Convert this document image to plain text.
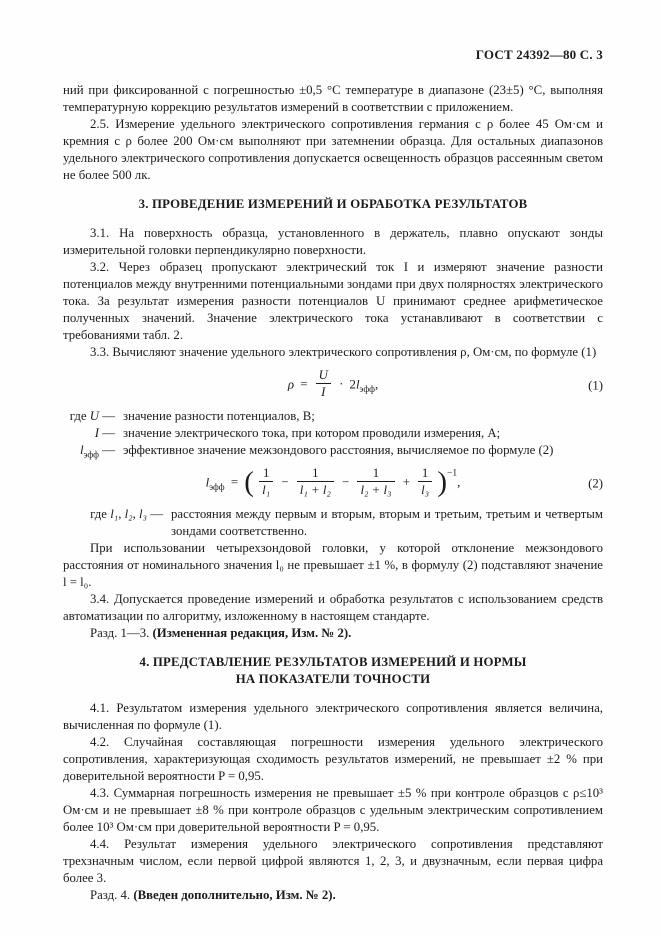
ГОСТ 24392—80 С. 3

ний при фиксированной с погрешностью ±0,5 °С температуре в диапазоне (23±5) °С, выполняя температурную коррекцию результатов измерений в соответствии с приложением.

2.5. Измерение удельного электрического сопротивления германия с ρ более 45 Ом·см и кремния с ρ более 200 Ом·см выполняют при затемнении образца. Для остальных диапазонов удельного электрического сопротивления допускается освещенность образцов рассеянным светом не более 500 лк.

3. ПРОВЕДЕНИЕ ИЗМЕРЕНИЙ И ОБРАБОТКА РЕЗУЛЬТАТОВ

3.1. На поверхность образца, установленного в держатель, плавно опускают зонды измерительной головки перпендикулярно поверхности.

3.2. Через образец пропускают электрический ток I и измеряют значение разности потенциалов между внутренними потенциальными зондами при двух полярностях электрического тока. За результат измерения разности потенциалов U принимают среднее арифметическое полученных значений. Значение электрического тока устанавливают в соответствии с требованиями табл. 2.

3.3. Вычисляют значение удельного электрического сопротивления ρ, Ом·см, по формуле (1)

$\rho = \frac{U}{I} \cdot 2l_{эфф}$,	(1)
где U — значение разности потенциалов, В;
I — значение электрического тока, при котором проводили измерения, А;
$l_{эфф}$ — эффективное значение межзондового расстояния, вычисляемое по формуле (2)
$l_{эфф}$ = ( $\frac{1}{\text{l₁}} - \frac{1}{\text{l₁ + l₂}} - \frac{1}{\text{l₂ + l₃}} + \frac{1}{\text{l₃}} )^{-1}$,	(2)
где l₁, l₂, l₃ — расстояния между первым и вторым, вторым и третьим, третьим и четвертым зондами соответственно.

При использовании четырехзондовой головки, у которой отклонение межзондового расстояния от номинального значения l₀ не превышает ±1 %, в формулу (2) подставляют значение l = l₀.

3.4. Допускается проведение измерений и обработка результатов с использованием средств автоматизации по алгоритму, изложенному в настоящем стандарте.

Разд. 1—3. (Измененная редакция, Изм. № 2).

4. ПРЕДСТАВЛЕНИЕ РЕЗУЛЬТАТОВ ИЗМЕРЕНИЙ И НОРМЫ
НА ПОКАЗАТЕЛИ ТОЧНОСТИ

4.1. Результатом измерения удельного электрического сопротивления является величина, вычисленная по формуле (1).

4.2. Случайная составляющая погрешности измерения удельного электрического сопротивления, характеризующая сходимость результатов измерений, не превышает ±2 % при доверительной вероятности P = 0,95.

4.3. Суммарная погрешность измерения не превышает ±5 % при контроле образцов с ρ≤10³ Ом·см и не превышает ±8 % при контроле образцов с удельным электрическим сопротивлением более 10³ Ом·см при доверительной вероятности P = 0,95.

4.4. Результат измерения удельного электрического сопротивления представляют трехзначным числом, если первой цифрой являются 1, 2, 3, и двузначным, если первая цифра более 3.

Разд. 4. (Введен дополнительно, Изм. № 2).
